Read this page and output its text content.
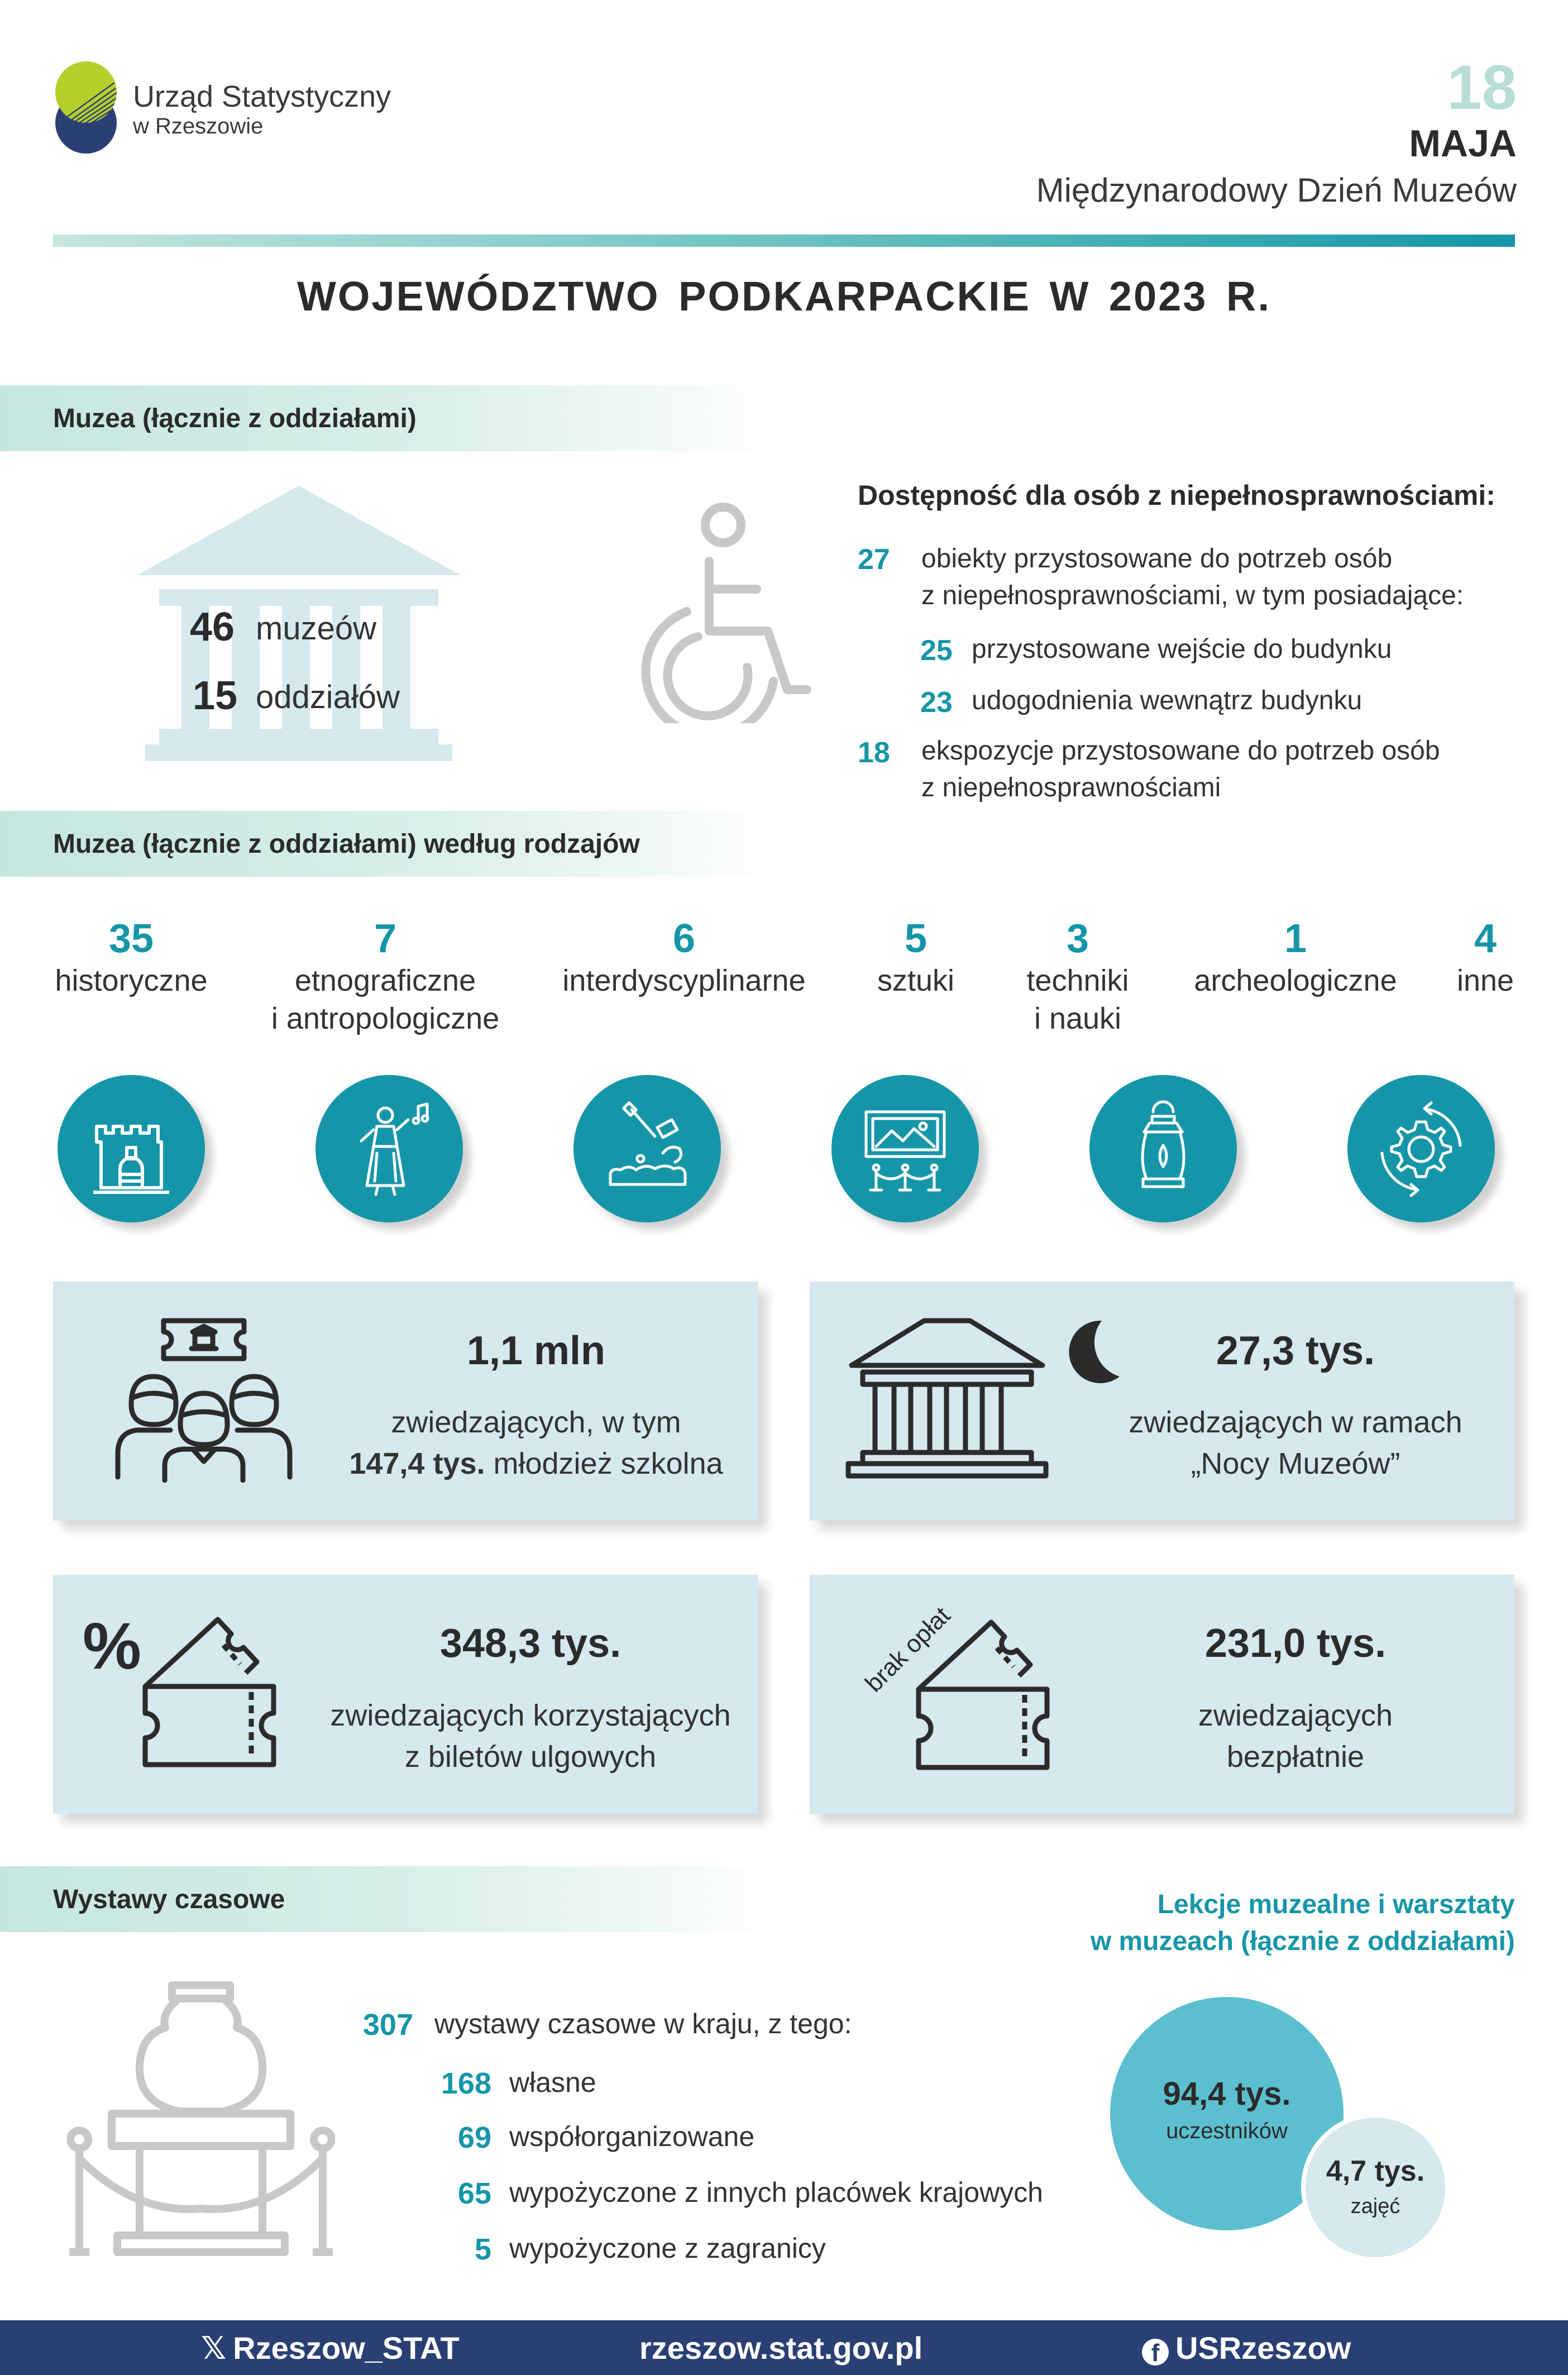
Urząd Statystyczny
w Rzeszowie
18
MAJA
Międzynarodowy Dzień Muzeów
WOJEWÓDZTWO PODKARPACKIE W 2023 R.
Muzea (łącznie z oddziałami)
46 muzeów
15 oddziałów
Dostępność dla osób z niepełnosprawnościami:
27 obiekty przystosowane do potrzeb osób
z niepełnosprawnościami, w tym posiadające:
25 przystosowane wejście do budynku
23 udogodnienia wewnątrz budynku
18 ekspozycje przystosowane do potrzeb osób
z niepełnosprawnościami
Muzea (łącznie z oddziałami) według rodzajów
35
historyczne
7
etnograficzne
i antropologiczne
6
interdyscyplinarne
5
sztuki
3
techniki
i nauki
1
archeologiczne
4
inne
1,1 mln
zwiedzających, w tym
147,4 tys. młodzież szkolna
27,3 tys.
zwiedzających w ramach
„Nocy Muzeów”
%	348,3 tys.
zwiedzających korzystających
z biletów ulgowych
brak opłat	231,0 tys.
zwiedzających
bezpłatnie
Wystawy czasowe
307 wystawy czasowe w kraju, z tego:
168 własne
69 współorganizowane
65 wypożyczone z innych placówek krajowych
5 wypożyczone z zagranicy
Lekcje muzealne i warsztaty
w muzeach (łącznie z oddziałami)
94,4 tys.
uczestników
4,7 tys.
zajęć
𝕏 Rzeszow_STAT	rzeszow.stat.gov.pl	f USRzeszow
